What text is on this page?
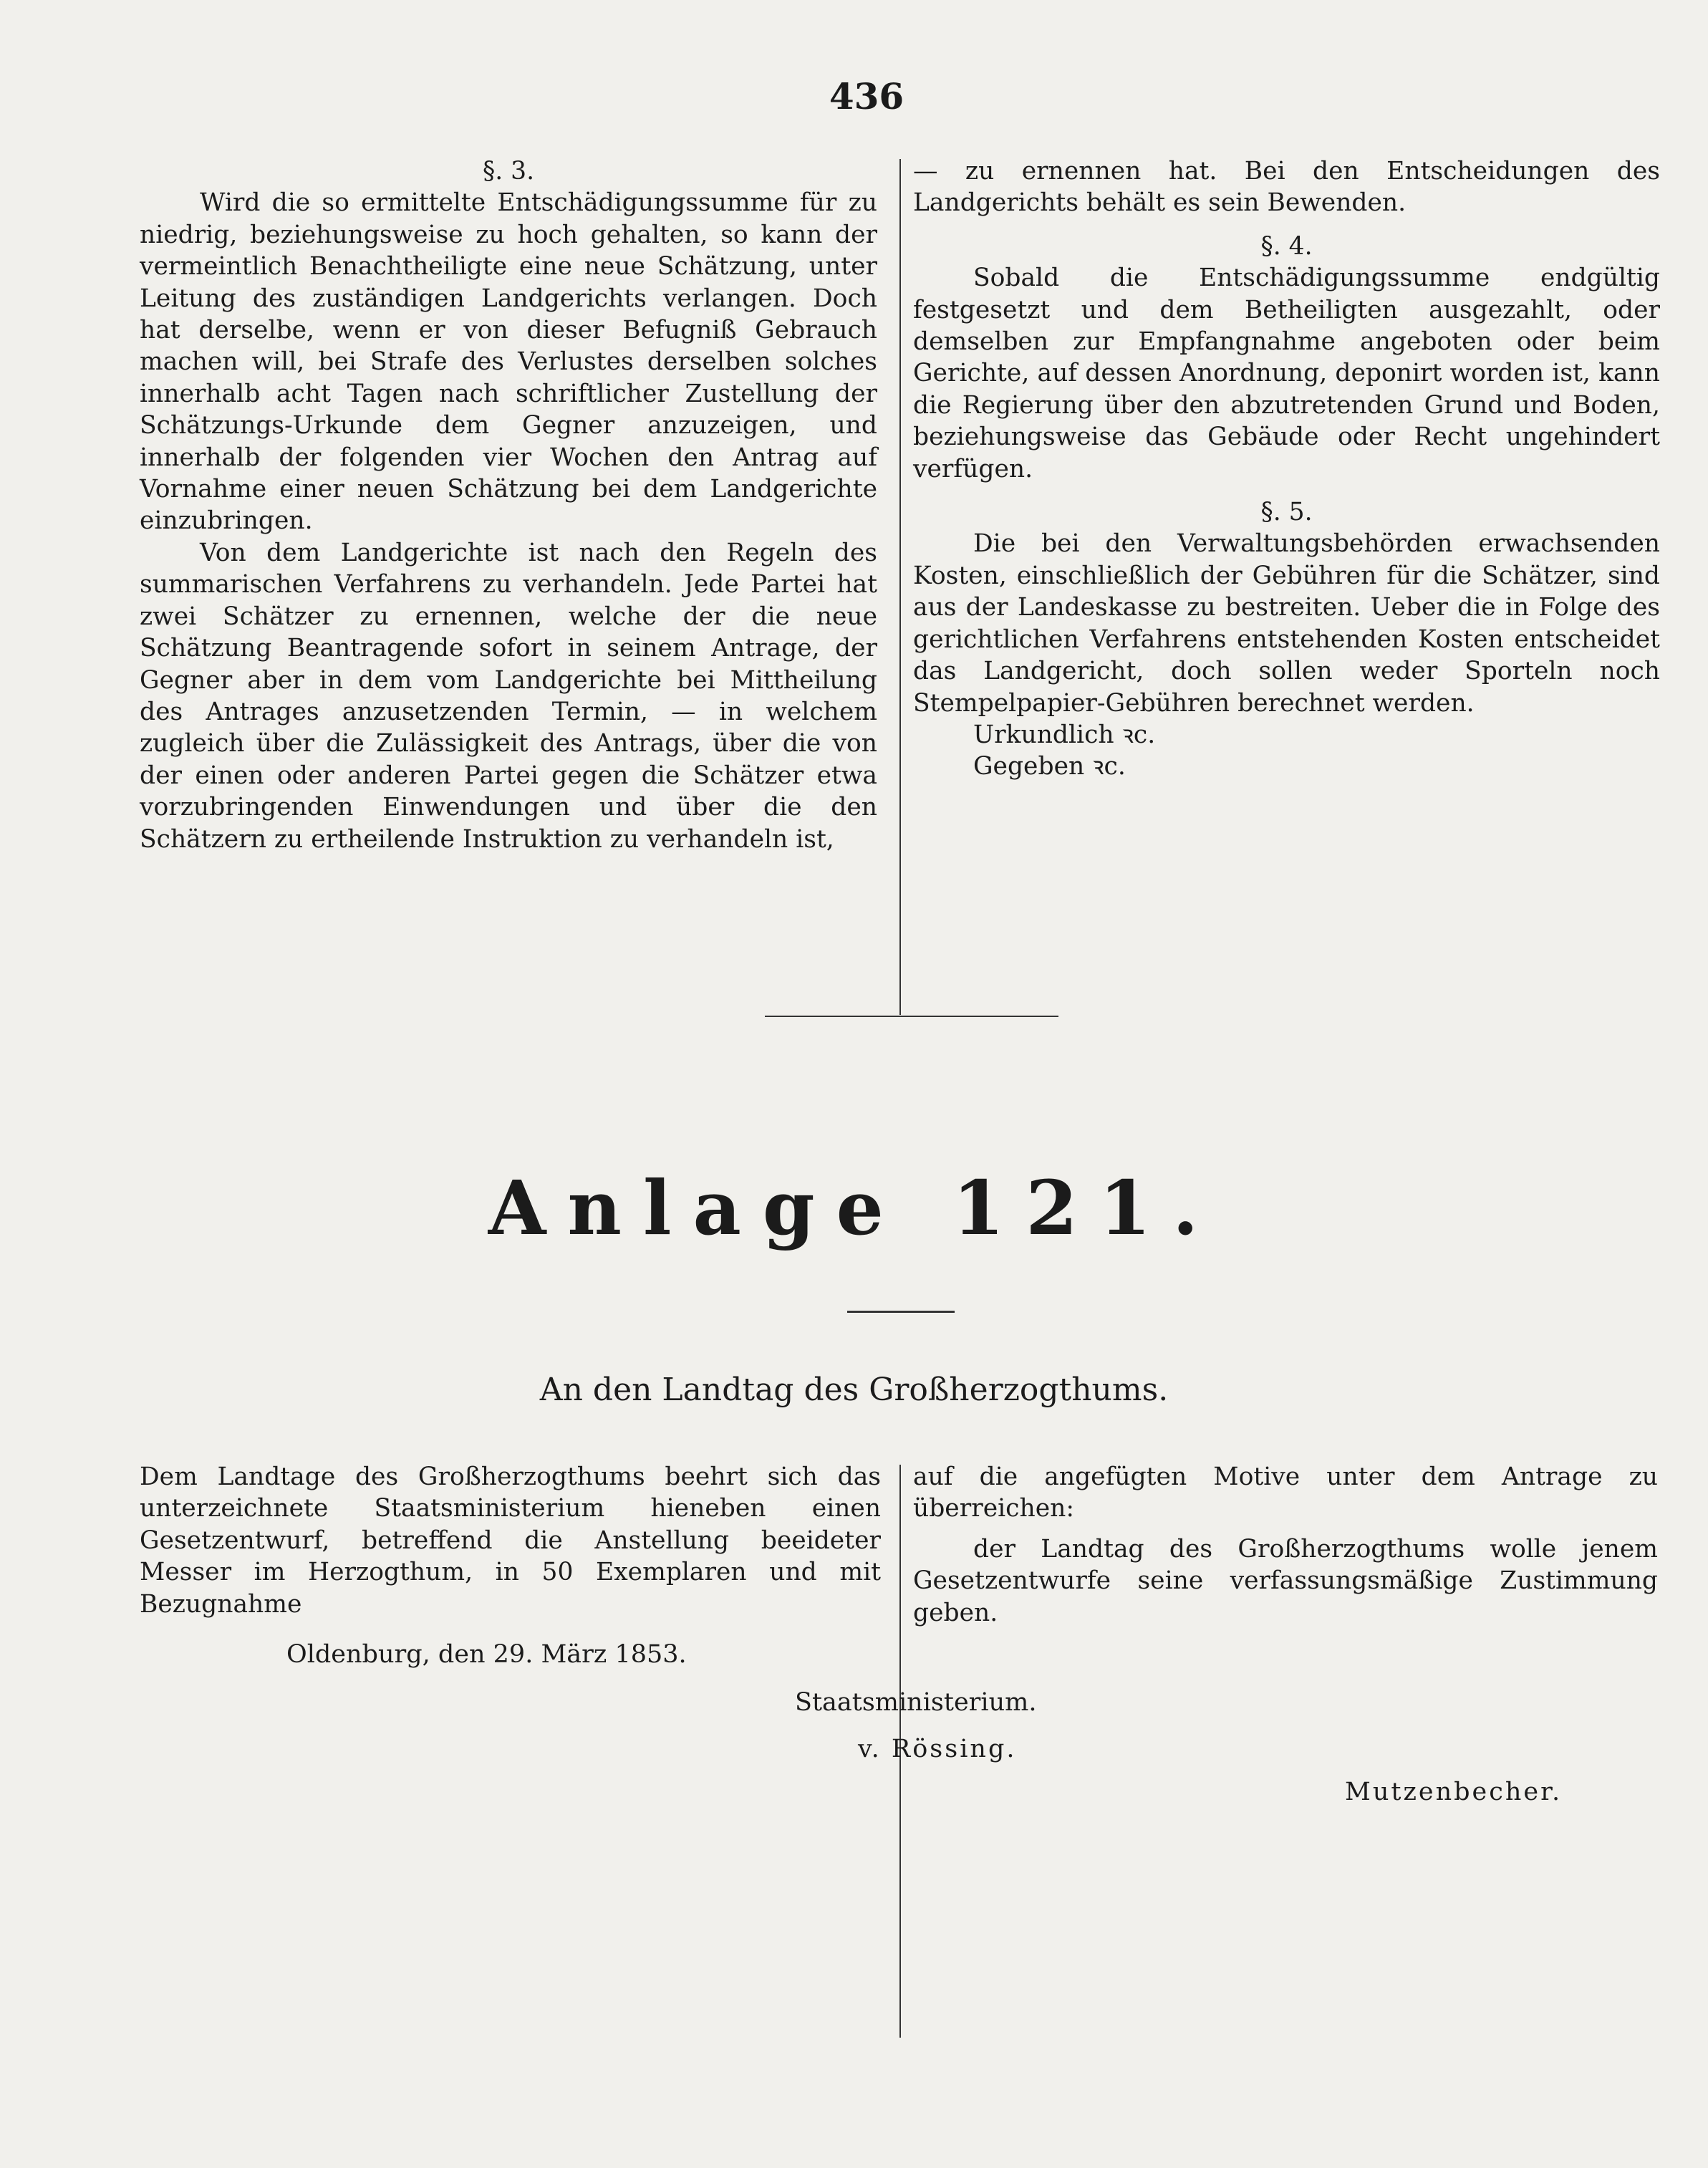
436

§. 3.

Wird die so ermittelte Entschädigungssumme für zu niedrig, beziehungsweise zu hoch gehalten, so kann der vermeintlich Benachtheiligte eine neue Schätzung, unter Leitung des zuständigen Landgerichts verlangen. Doch hat derselbe, wenn er von dieser Befugniß Gebrauch machen will, bei Strafe des Verlustes derselben solches innerhalb acht Tagen nach schriftlicher Zustellung der Schätzungs-Urkunde dem Gegner anzuzeigen, und innerhalb der folgenden vier Wochen den Antrag auf Vornahme einer neuen Schätzung bei dem Landgerichte einzubringen.

Von dem Landgerichte ist nach den Regeln des summarischen Verfahrens zu verhandeln. Jede Partei hat zwei Schätzer zu ernennen, welche der die neue Schätzung Beantragende sofort in seinem Antrage, der Gegner aber in dem vom Landgerichte bei Mittheilung des Antrages anzusetzenden Termin, — in welchem zugleich über die Zulässigkeit des Antrags, über die von der einen oder anderen Partei gegen die Schätzer etwa vorzubringenden Einwendungen und über die den Schätzern zu ertheilende Instruktion zu verhandeln ist,

— zu ernennen hat. Bei den Entscheidungen des Landgerichts behält es sein Bewenden.

§. 4.

Sobald die Entschädigungssumme endgültig festgesetzt und dem Betheiligten ausgezahlt, oder demselben zur Empfangnahme angeboten oder beim Gerichte, auf dessen Anordnung, deponirt worden ist, kann die Regierung über den abzutretenden Grund und Boden, beziehungsweise das Gebäude oder Recht ungehindert verfügen.

§. 5.

Die bei den Verwaltungsbehörden erwachsenden Kosten, einschließlich der Gebühren für die Schätzer, sind aus der Landeskasse zu bestreiten. Ueber die in Folge des gerichtlichen Verfahrens entstehenden Kosten entscheidet das Landgericht, doch sollen weder Sporteln noch Stempelpapier-Gebühren berechnet werden.

Urkundlich ꝛc.

Gegeben ꝛc.

Anlage 121.
An den Landtag des Großherzogthums.

Dem Landtage des Großherzogthums beehrt sich das unterzeichnete Staatsministerium hieneben einen Gesetzentwurf, betreffend die Anstellung beeidеter Messer im Herzogthum, in 50 Exemplaren und mit Bezugnahme

auf die angefügten Motive unter dem Antrage zu überreichen:

der Landtag des Großherzogthums wolle jenem Gesetzentwurfe seine verfassungsmäßige Zustimmung geben.

Oldenburg, den 29. März 1853.
Staatsministerium.
v. Rössing.
Mutzenbecher.
